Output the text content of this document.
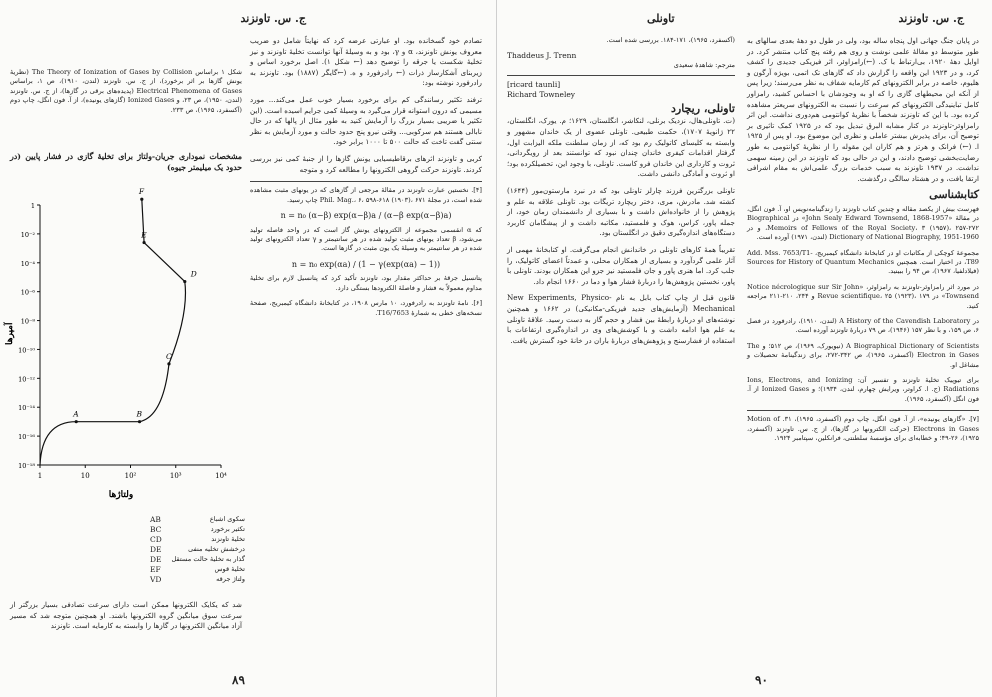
ج. س. تاونزند

تصادم خود گسخانده بود. او عبارتی عرضه کرد که نهایتاً شامل دو ضریب معروف یونش تاونزند، α و γ، بود و به وسیلهٔ آنها توانست تخلیهٔ تاونزند و نیز تخلیهٔ شکست یا جرقه را توضیح دهد (← شکل ۱). اصل برخورد اساس و زیربنای آشکارساز ذرات (← رادرفورد و ه. (←گایگر (۱۸۸۷) بود. تاونزند به رادرفورد نوشته بود:

ترفند تکثیر رسانندگی کم برای برخورد بسیار خوب عمل می‌کند... مورد مسیمی که درون استوانه قرار می‌گیرد به وسیلهٔ کمی جرایم اسیده است. (این تکثیر یا ضریبی بسیار بزرگ را آزمایش کنید به طور مثال از پالها که در حال نابالی هستند هم سرکوبی... وقتی نیرو پنج حدود حالت و مورد آزمایش به نظر سنتی گفت تاخت که حالت ۵۰۰ تا ۱۰۰۰ برابر خود.

کربی و تاونزند اثرهای برقاطیسیایی یونش گازها را از جنبهٔ کمی نیز بررسی کردند. تاونزند حرکت گروهی الکترونها را مطالعه کرد و متوجه

[۴]. نخستین عبارت تاونزند در مقالهٔ مرجعی از گازهای که در یونهای مثبت مشاهده شده است، در مجلهٔ Phil. Mag.، ۶، ۵۹۸-۶۱۸ (۱۹۰۳)، ۶۷۱ چاپ رسید.

n = n₀ (α−β) exp(α−β)a / (α−β exp(α−β)a)

که α انقسمی مجموعه از الکترونهای یونش گاز است که در واحد فاصله تولید می‌شود، β تعداد یونهای مثبت تولید شده در هر سانتیمتر و γ تعداد الکترونهای تولید شده در هر سانتیمتر به وسیلهٔ یک یون مثبت در گازها است.

n = n₀ exp(αa) / (1 − γ(exp(αa) − 1))

پتانسیل جرقهٔ بر حداکثر مقدار بود، تاونزند تأکید کرد که پتانسیل لازم برای تخلیهٔ مداوم معمولاً به فشار و فاصلهٔ الکترودها بستگی دارد.

[۶]. نامهٔ تاونزند به رادرفورد، ۱۰ مارس ۱۹۰۸، در کتابخانهٔ دانشگاه کیمبریج، صفحهٔ نسخه‌های خطی به شمارهٔ 7653/T16.

شکل ۱ براساس The Theory of Ionization of Gases by Collision (نظریهٔ یونش گازها بر اثر برخورد)، از ج. س. تاونزند (لندن، ۱۹۱۰)، ص ۱، براساس Electrical Phenomena of Gases (پدیده‌های برقی در گازها)، از ج. س. تاونزند (لندن، ۱۹۵۰)، ص ۲۳، و Ionized Gases (گازهای یونیده)، از آ. فون انگل، چاپ دوم (آکسفرد، ۱۹۶۵)، ص ۲۳۳.
مشخصات نموداری جریان-ولتاژ برای تخلیهٔ گازی در فشار پایین (در حدود یک میلیمتر جیوه)
10⁻¹⁸
10⁻¹⁶
10⁻¹⁴
10⁻¹²
10⁻¹⁰
10⁻⁸
10⁻⁶
10⁻⁴
10⁻²
1
1	10	10²	10³	10⁴
A	B
C
D
E
F
آمپرها
ولتاژها
سکوی اشباع
AB
تکثیر برخورد
BC
تخلیهٔ تاونزند
CD
درخشش تخلیه منفی
DE
گذار به تخلیهٔ حالت مستقل
DE
تخلیهٔ قوس
EF
ولتاژ جرقه
VD
شد که یکایک الکترونها ممکن است دارای سرعت تصادفی بسیار بزرگتر از سرعت سوق میانگین گروه الکترونها باشند. او همچنین متوجه شد که مسیر آزاد میانگین الکترونها در گازها را وابسته به کارمایه است. تاونزند
۸۹
تاونلی	ج. س. تاونزند

(آکسفرد، ۱۹۶۵)، ۱۷۱-۱۸۴. بررسی شده است.

Thaddeus J. Trenn
مترجم: شاهدهٔ سعیدی
[ricərd taunli]
Richard Towneley
تاونلی، ریچارد

(ت. تاونلی‌هال، نزدیک برنلی، لنکاشر، انگلستان، ۱۶۲۹؛ م. یورک، انگلستان، ۲۲ ژانویهٔ ۱۷۰۷)، حکمت طبیعی. تاونلی عضوی از یک خاندان مشهور و وابسته به کلیسای کاتولیک رم بود که، از زمان سلطنت ملکه الیزابت اول، گرفتار اقدامات کیفری خاندان چندان نبود که توانستند بعد از رویگردانی، ثروت و کارداری این خاندان فرو کاست. تاونلی، با وجود این، تحصیلکرده بود؛ او ثروت و آمادگی دانشی داشت.

تاونلی بزرگترین فرزند چارلز تاونلی بود که در نبرد مارستون‌مور (۱۶۴۴) کشته شد. مادرش، مری، دختر ریچارد تریگات بود. تاونلی علاقه به علم و پژوهش را از خانواده‌اش داشت و با بسیاری از دانشمندان زمان خود، از جمله پاور، کراس، هوک و فلمستید، مکاتبه داشت و از پیشگامان کاربرد دستگاه‌های اندازه‌گیری دقیق در انگلستان بود.

تقریباً همهٔ کارهای تاونلی در خاندانش انجام می‌گرفت. او کتابخانهٔ مهمی از آثار علمی گردآورد و بسیاری از همکاران محلی، و عمدتاً اعضای کاتولیک، را جلب کرد. اما هنری پاور و جان فلمستید نیز جزو این همکاران بودند. تاونلی با پاور، نخستین پژوهش‌ها را دربارهٔ فشار هوا و دما در ۱۶۶۰ انجام داد.

قانون قبل از چاپ کتاب بابل به نام New Experiments, Physico-Mechanical (آزمایش‌های جدید فیزیکی-مکانیکی) در ۱۶۶۲ و همچنین نوشته‌های او دربارهٔ رابطهٔ بین فشار و حجم گاز به دست رسید. علاقهٔ تاونلی به علم هوا ادامه داشت و با کوشش‌های وی در اندازه‌گیری ارتفاعات با استفاده از فشارسنج و پژوهش‌های دربارهٔ باران در خانهٔ خود گسترش یافت.

در پایان جنگ جهانی اول پنجاه ساله بود، ولی در طول دو دههٔ بعدی سالهای به طور متوسط دو مقالهٔ علمی نوشت و روی هم رفته پنج کتاب منتشر کرد. در اوایل دههٔ ۱۹۲۰، بی‌ارتباط با ک. (←)رامزاوئر، اثر فیزیکی جدیدی را کشف کرد، و در ۱۹۲۳ این واقعه را گزارش داد که گازهای تک اتمی، بویژه آرگون و هلیوم، خاصه در برابر الکترونهای کم کارمایه شفاف به نظر می‌رسند؛ زیرا پس از آنکه این محیطهای گازی را که او به وجودشان با احساس کشید، رامزاور کامل تباینیدگی الکترونهای کم سرعت را نسبت به الکترونهای سریعتر مشاهده کرده بود. با این که تاونزند شخصاً با نظریهٔ کوانتومی هم‌دوری نداشت. این اثر رامزاوئر-تاونزند در کنار مشابه البرق تبدیل بود که در ۱۹۲۵ کمک تاثیری بر توضیح آن، برای پذیرش بیشتر عاملی و نظری این موضوع بود. او پس از ۱۹۲۵ ا. (←) فرانک و هرتز و هم کاران این مقوله را از نظریهٔ کوانتومی به طور رضایت‌بخشی توضیح دادند، و این در حالی بود که تاونزند در این زمینه سهمی نداشت. در ۱۹۳۷ تاونزند به سبب خدمات بزرگ علمی‌اش به مقام اشرافی ارتقا یافت، و در هشتاد سالگی درگذشت.

کتابشناسی

فهرست بیش از یکصد مقاله و چندین کتاب تاونزند را زندگینامه‌نویس او، آ. فون انگل، در مقالهٔ «John Sealy Edward Townsend, 1868-1957» در Biographical Memoirs of Fellows of the Royal Society، ۳ (۱۹۵۷)، ۲۵۷-۲۷۲، و در Dictionary of National Biography, 1951-1960 (لندن، ۱۹۷۱) آورده است.

مجموعهٔ کوچکی از مکاتبات او در کتابخانهٔ دانشگاه کیمبریج، Add. Mss. 7653/T1-T89، در اختیار است. همچنین Sources for History of Quantum Mechanics (فیلادلفیا، ۱۹۶۷)، ص ۹۴ را ببینید.

در مورد اثر رامزاوئر-تاونزند به رامزاوئر، «Notice nécrologique sur Sir John Townsend» در Revue scientifique، ۲۵ (۱۹۲۳)، ۱۷۹ و ۲۴۴، ۲۱۰-۲۱۱ مراجعه کنید.

در A History of the Cavendish Laboratory (لندن، ۱۹۱۰)، رادرفورد در فصل ۶، ص ۱۵۹، و با نظر ۱۵۷ (۱۹۴۶)، ص ۷۹ دربارهٔ تاونزند آورده است.

A Biographical Dictionary of Scientists (نیویورک، ۱۹۶۹)، ص ۵۱۲؛ و The Electron in Gases (آکسفرد، ۱۹۶۵)، ص ۳۴۲-۲۷۲، برای زندگینامهٔ تحصیلات و مشاغل او.

برای تیوپیک تخلیهٔ تاونزند و تفسیر آن: Ions, Electrons, and Ionizing Radiations (ج. ا. کراوتر، ویرایش چهارم، لندن، ۱۹۳۴)؛ و Ionized Gases از آ. فون انگل (آکسفرد، ۱۹۶۵).

[۷]. «گازهای یونیده»، از آ. فون انگل، چاپ دوم (آکسفرد، ۱۹۶۵)، ۳۱. Motion of Electrons in Gases (حرکت الکترونها در گازها)، از ج. س. تاونزند (آکسفرد، ۱۹۲۵)، ۲۶-۴۹؛ و خطابه‌ای برای مؤسسهٔ سلطنتی، فرانکلین، سپتامبر ۱۹۲۴.

۹۰
